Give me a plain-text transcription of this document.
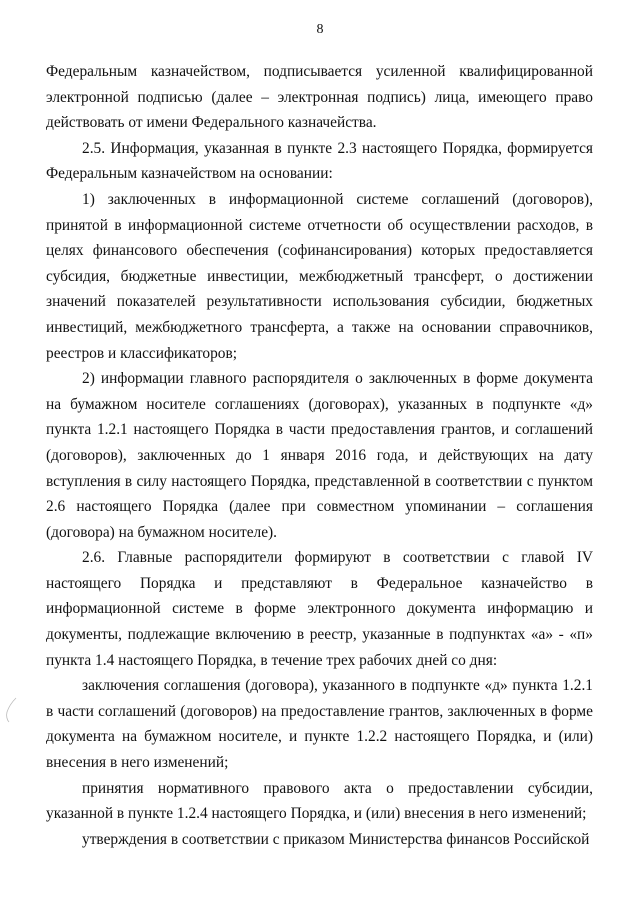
8

Федеральным казначейством, подписывается усиленной квалифицированной электронной подписью (далее – электронная подпись) лица, имеющего право действовать от имени Федерального казначейства.

2.5. Информация, указанная в пункте 2.3 настоящего Порядка, формируется Федеральным казначейством на основании:

1) заключенных в информационной системе соглашений (договоров), принятой в информационной системе отчетности об осуществлении расходов, в целях финансового обеспечения (софинансирования) которых предоставляется субсидия, бюджетные инвестиции, межбюджетный трансферт, о достижении значений показателей результативности использования субсидии, бюджетных инвестиций, межбюджетного трансферта, а также на основании справочников, реестров и классификаторов;

2) информации главного распорядителя о заключенных в форме документа на бумажном носителе соглашениях (договорах), указанных в подпункте «д» пункта 1.2.1 настоящего Порядка в части предоставления грантов, и соглашений (договоров), заключенных до 1 января 2016 года, и действующих на дату вступления в силу настоящего Порядка, представленной в соответствии с пунктом 2.6 настоящего Порядка (далее при совместном упоминании – соглашения (договора) на бумажном носителе).

2.6. Главные распорядители формируют в соответствии с главой IV настоящего Порядка и представляют в Федеральное казначейство в информационной системе в форме электронного документа информацию и документы, подлежащие включению в реестр, указанные в подпунктах «а» - «п» пункта 1.4 настоящего Порядка, в течение трех рабочих дней со дня:

заключения соглашения (договора), указанного в подпункте «д» пункта 1.2.1 в части соглашений (договоров) на предоставление грантов, заключенных в форме документа на бумажном носителе, и пункте 1.2.2 настоящего Порядка, и (или) внесения в него изменений;

принятия нормативного правового акта о предоставлении субсидии, указанной в пункте 1.2.4 настоящего Порядка, и (или) внесения в него изменений;

утверждения в соответствии с приказом Министерства финансов Российской
